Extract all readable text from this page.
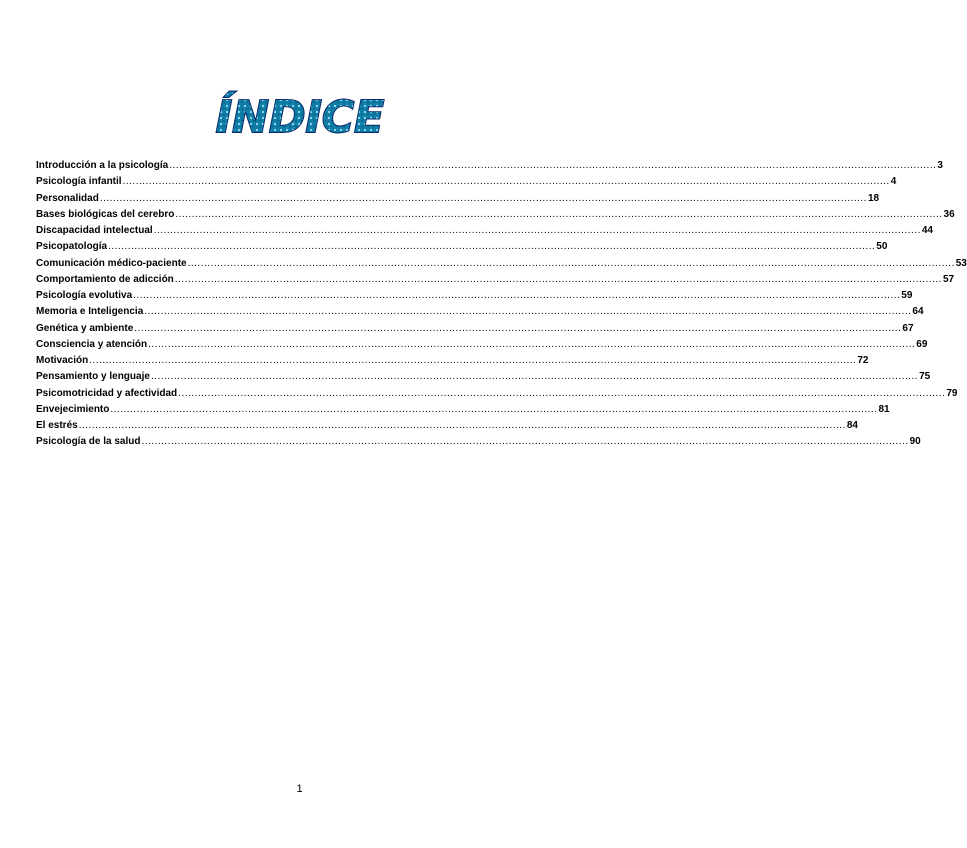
ÍNDICE
Introducción a la psicología .....	3
Psicología infantil .....	4
Personalidad .....	18
Bases biológicas del cerebro .....	36
Discapacidad intelectual .....	44
Psicopatología .....	50
Comunicación médico-paciente .....	53
Comportamiento de adicción .....	57
Psicología evolutiva .....	59
Memoria e Inteligencia .....	64
Genética y ambiente .....	67
Consciencia y atención .....	69
Motivación .....	72
Pensamiento y lenguaje .....	75
Psicomotricidad y afectividad .....	79
Envejecimiento .....	81
El estrés .....	84
Psicología de la salud .....	90
1
